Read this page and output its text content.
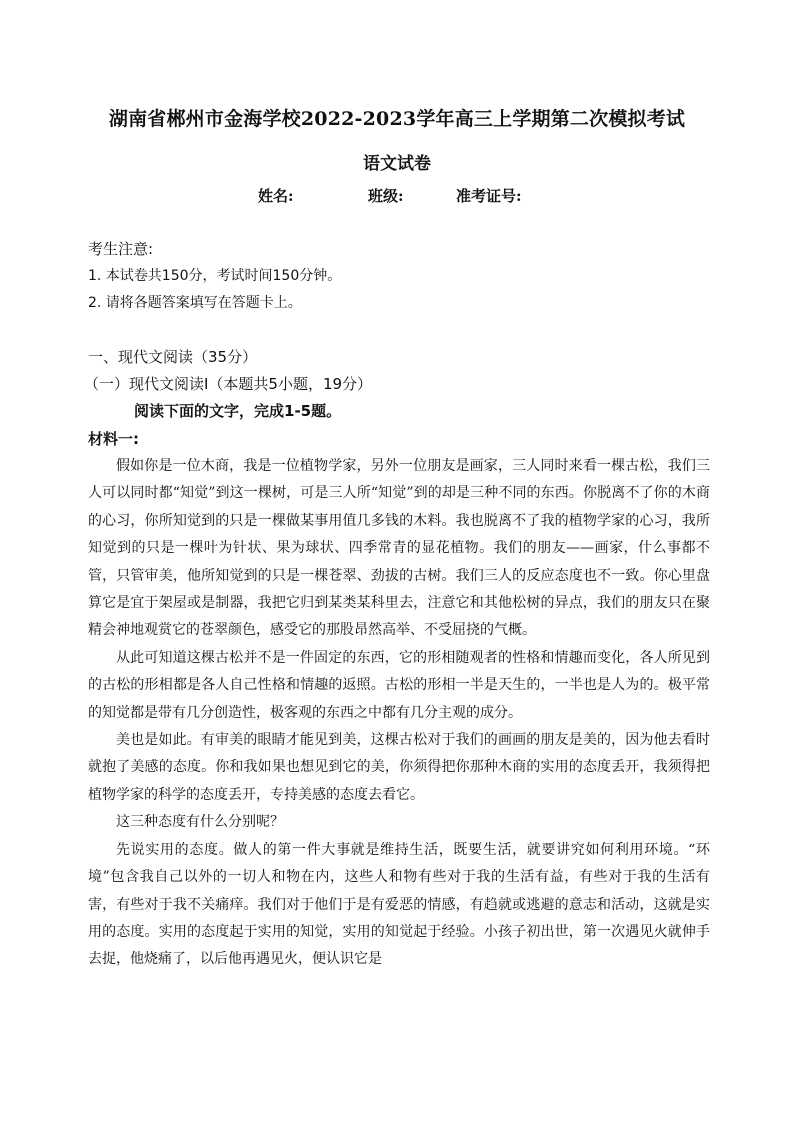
湖南省郴州市金海学校2022-2023学年高三上学期第二次模拟考试
语文试卷
姓名:	班级:	准考证号:
考生注意:
1. 本试卷共150分，考试时间150分钟。
2. 请将各题答案填写在答题卡上。
一、现代文阅读（35分）
（一）现代文阅读Ⅰ（本题共5小题，19分）
阅读下面的文字，完成1-5题。
材料一:

假如你是一位木商，我是一位植物学家，另外一位朋友是画家，三人同时来看一棵古松，我们三人可以同时都“知觉”到这一棵树，可是三人所“知觉”到的却是三种不同的东西。你脱离不了你的木商的心习，你所知觉到的只是一棵做某事用值几多钱的木料。我也脱离不了我的植物学家的心习，我所知觉到的只是一棵叶为针状、果为球状、四季常青的显花植物。我们的朋友——画家，什么事都不管，只管审美，他所知觉到的只是一棵苍翠、劲拔的古树。我们三人的反应态度也不一致。你心里盘算它是宜于架屋或是制器，我把它归到某类某科里去，注意它和其他松树的异点，我们的朋友只在聚精会神地观赏它的苍翠颜色，感受它的那股昂然高举、不受屈挠的气概。

从此可知道这棵古松并不是一件固定的东西，它的形相随观者的性格和情趣而变化，各人所见到的古松的形相都是各人自己性格和情趣的返照。古松的形相一半是天生的，一半也是人为的。极平常的知觉都是带有几分创造性，极客观的东西之中都有几分主观的成分。

美也是如此。有审美的眼睛才能见到美，这棵古松对于我们的画画的朋友是美的，因为他去看时就抱了美感的态度。你和我如果也想见到它的美，你须得把你那种木商的实用的态度丢开，我须得把植物学家的科学的态度丢开，专持美感的态度去看它。

这三种态度有什么分别呢？

先说实用的态度。做人的第一件大事就是维持生活，既要生活，就要讲究如何利用环境。“环境”包含我自己以外的一切人和物在内，这些人和物有些对于我的生活有益，有些对于我的生活有害，有些对于我不关痛痒。我们对于他们于是有爱恶的情感，有趋就或逃避的意志和活动，这就是实用的态度。实用的态度起于实用的知觉，实用的知觉起于经验。小孩子初出世，第一次遇见火就伸手去捉，他烧痛了，以后他再遇见火，便认识它是
